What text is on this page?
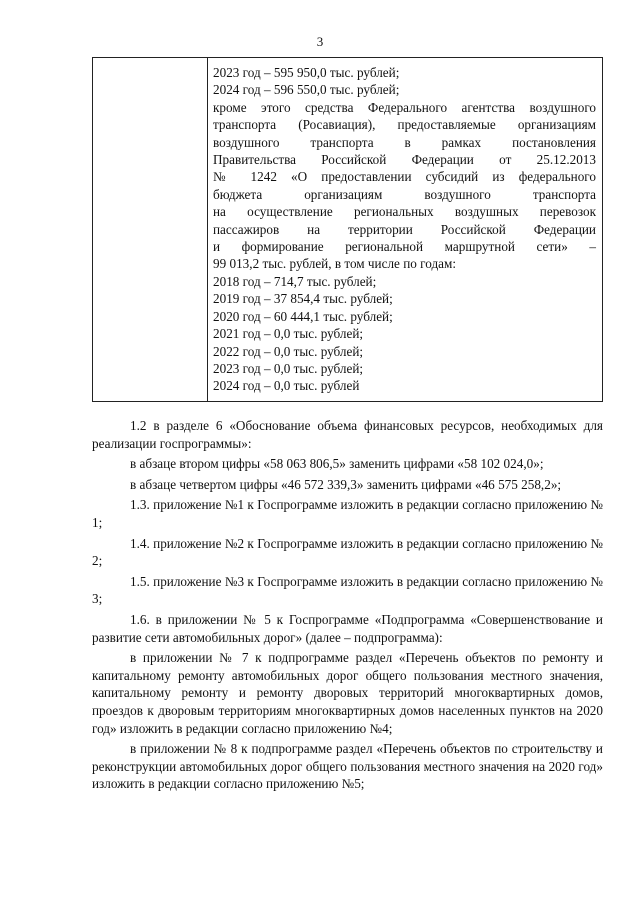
3
2023 год – 595 950,0 тыс. рублей;
2024 год – 596 550,0 тыс. рублей;
кроме этого средства Федерального агентства воздушного
транспорта (Росавиация), предоставляемые организациям
воздушного транспорта в рамках постановления
Правительства Российской Федерации от 25.12.2013
№ 1242 «О предоставлении субсидий из федерального
бюджета организациям воздушного транспорта
на осуществление региональных воздушных перевозок
пассажиров на территории Российской Федерации
и формирование региональной маршрутной сети» –
99 013,2 тыс. рублей, в том числе по годам:
2018 год – 714,7 тыс. рублей;
2019 год – 37 854,4 тыс. рублей;
2020 год – 60 444,1 тыс. рублей;
2021 год – 0,0 тыс. рублей;
2022 год – 0,0 тыс. рублей;
2023 год – 0,0 тыс. рублей;
2024 год – 0,0 тыс. рублей

1.2 в разделе 6 «Обоснование объема финансовых ресурсов, необходимых для реализации госпрограммы»:

в абзаце втором цифры «58 063 806,5» заменить цифрами «58 102 024,0»;

в абзаце четвертом цифры «46 572 339,3» заменить цифрами «46 575 258,2»;

1.3. приложение №1 к Госпрограмме изложить в редакции согласно приложению № 1;

1.4. приложение №2 к Госпрограмме изложить в редакции согласно приложению № 2;

1.5. приложение №3 к Госпрограмме изложить в редакции согласно приложению № 3;

1.6. в приложении № 5 к Госпрограмме «Подпрограмма «Совершенствование и развитие сети автомобильных дорог» (далее – подпрограмма):

в приложении № 7 к подпрограмме раздел «Перечень объектов по ремонту и капитальному ремонту автомобильных дорог общего пользования местного значения, капитальному ремонту и ремонту дворовых территорий многоквартирных домов, проездов к дворовым территориям многоквартирных домов населенных пунктов на 2020 год» изложить в редакции согласно приложению №4;

в приложении № 8 к подпрограмме раздел «Перечень объектов по строительству и реконструкции автомобильных дорог общего пользования местного значения на 2020 год» изложить в редакции согласно приложению №5;
